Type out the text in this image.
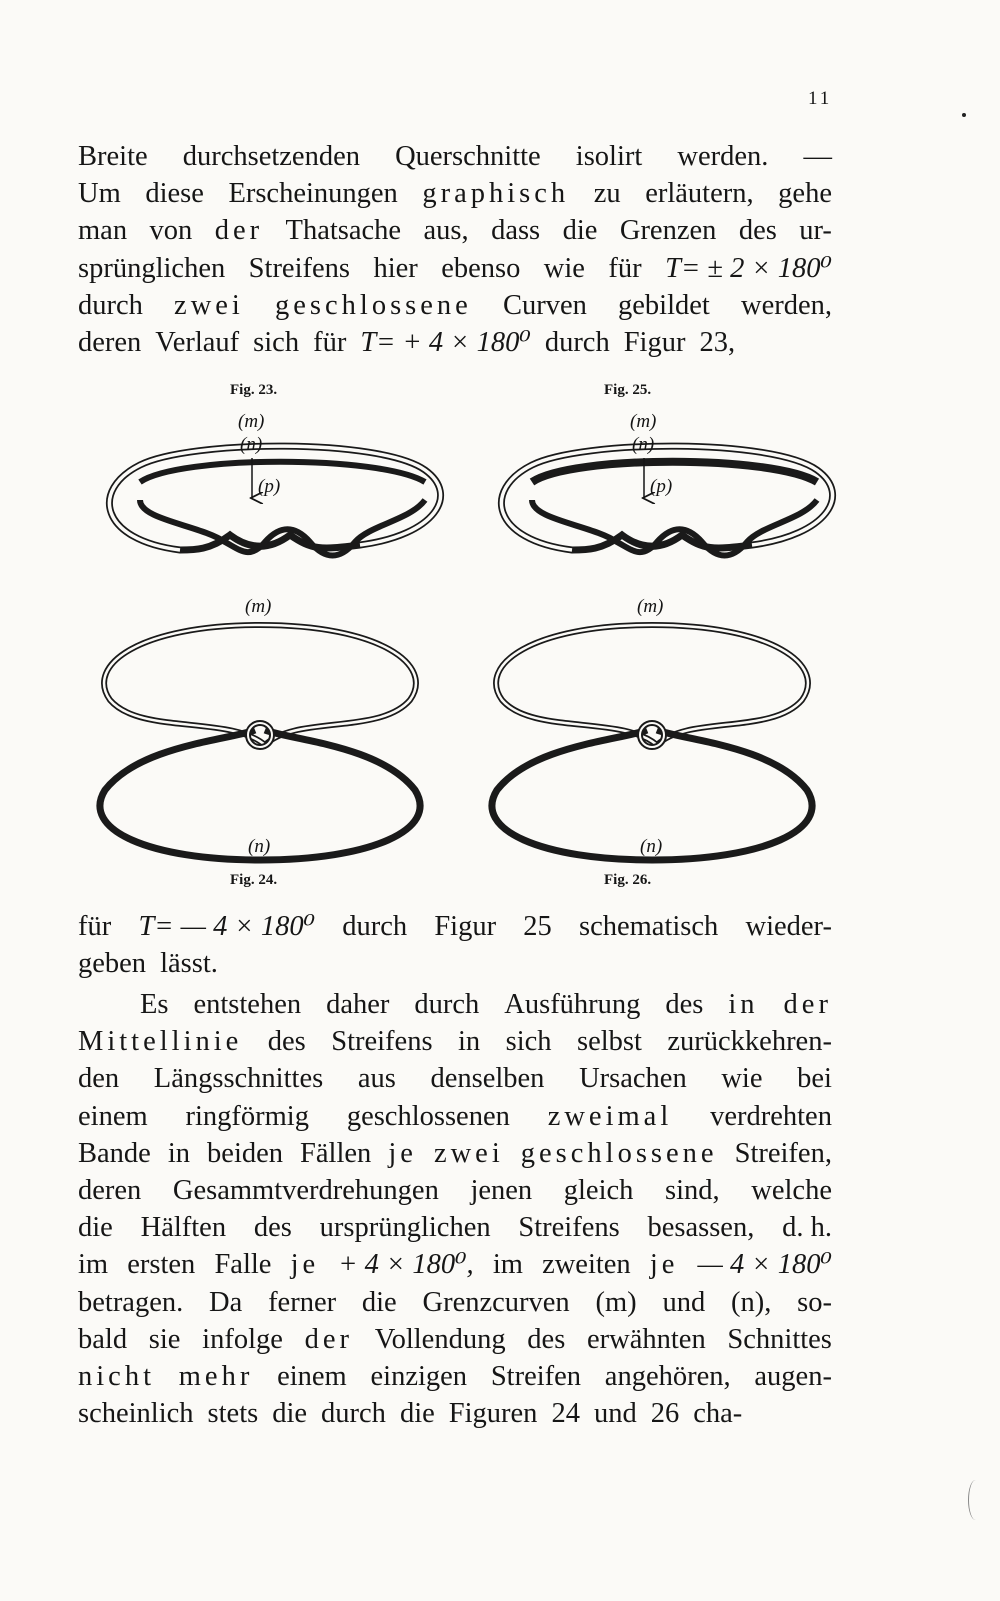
11
Breite durchsetzenden Querschnitte isolirt werden. —
Um diese Erscheinungen graphisch zu erläutern, gehe
man von der Thatsache aus, dass die Grenzen des ur-
sprünglichen Streifens hier ebenso wie für T= ± 2 × 180⁰
durch zwei geschlossene Curven gebildet werden,
deren Verlauf sich für T= + 4 × 180⁰ durch Figur 23,
Fig. 23.	Fig. 25.
Fig. 24.	Fig. 26.
(m)
(n)
(p)
(m)
(n)
(p)
(m)
(n)
(m)
(n)
für T= — 4 × 180⁰ durch Figur 25 schematisch wieder-
geben lässt.
Es entstehen daher durch Ausführung des in der
Mittellinie des Streifens in sich selbst zurückkehren-
den Längsschnittes aus denselben Ursachen wie bei
einem ringförmig geschlossenen zweimal verdrehten
Bande in beiden Fällen je zwei geschlossene Streifen,
deren Gesammtverdrehungen jenen gleich sind, welche
die Hälften des ursprünglichen Streifens besassen, d. h.
im ersten Falle je + 4 × 180⁰, im zweiten je — 4 × 180⁰
betragen. Da ferner die Grenzcurven (m) und (n), so-
bald sie infolge der Vollendung des erwähnten Schnittes
nicht mehr einem einzigen Streifen angehören, augen-
scheinlich stets die durch die Figuren 24 und 26 cha-
